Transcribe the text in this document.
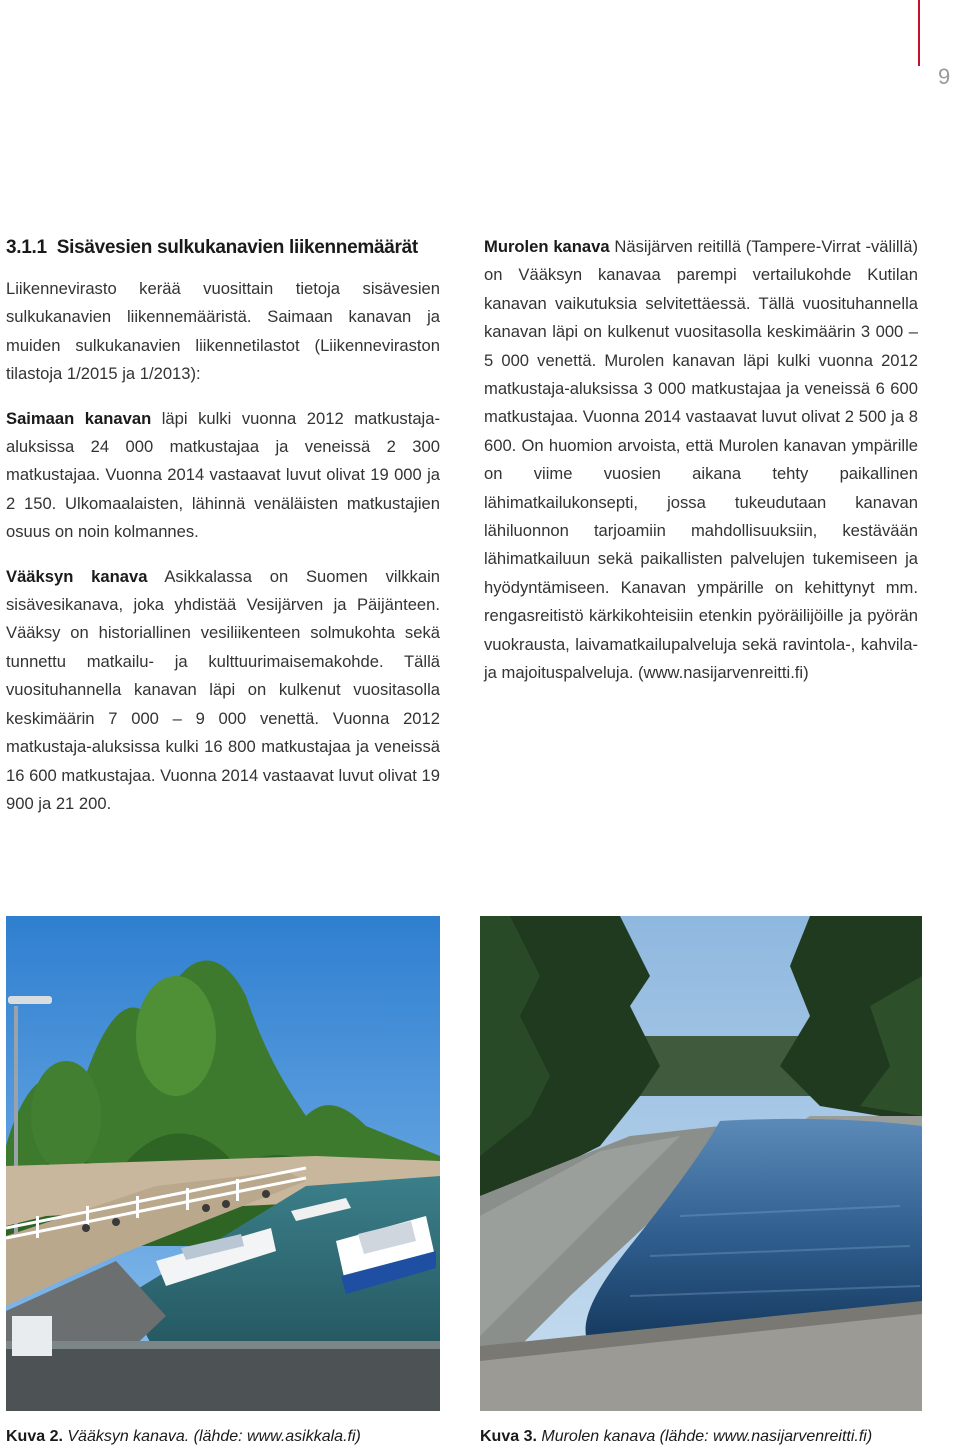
9
3.1.1 Sisävesien sulkukanavien liikennemäärät

Liikennevirasto kerää vuosittain tietoja sisävesien sulkukanavien liikennemääristä. Saimaan kanavan ja muiden sulkukanavien liikennetilastot (Liikenneviraston tilastoja 1/2015 ja 1/2013):

Saimaan kanavan läpi kulki vuonna 2012 matkustaja-aluksissa 24 000 matkustajaa ja veneissä 2 300 matkustajaa. Vuonna 2014 vastaavat luvut olivat 19 000 ja 2 150. Ulkomaalaisten, lähinnä venäläisten matkustajien osuus on noin kolmannes.

Vääksyn kanava Asikkalassa on Suomen vilkkain sisävesikanava, joka yhdistää Vesijärven ja Päijänteen. Vääksy on historiallinen vesiliikenteen solmukohta sekä tunnettu matkailu- ja kulttuurimaisemakohde. Tällä vuosituhannella kanavan läpi on kulkenut vuositasolla keskimäärin 7 000 – 9 000 venettä. Vuonna 2012 matkustaja-aluksissa kulki 16 800 matkustajaa ja veneissä 16 600 matkustajaa. Vuonna 2014 vastaavat luvut olivat 19 900 ja 21 200.

Murolen kanava Näsijärven reitillä (Tampere-Virrat -välillä) on Vääksyn kanavaa parempi vertailukohde Kutilan kanavan vaikutuksia selvitettäessä. Tällä vuosituhannella kanavan läpi on kulkenut vuositasolla keskimäärin 3 000 – 5 000 venettä. Murolen kanavan läpi kulki vuonna 2012 matkustaja-aluksissa 3 000 matkustajaa ja veneissä 6 600 matkustajaa. Vuonna 2014 vastaavat luvut olivat 2 500 ja 8 600. On huomion arvoista, että Murolen kanavan ympärille on viime vuosien aikana tehty paikallinen lähimatkailukonsepti, jossa tukeudutaan kanavan lähiluonnon tarjoamiin mahdollisuuksiin, kestävään lähimatkailuun sekä paikallisten palvelujen tukemiseen ja hyödyntämiseen. Kanavan ympärille on kehittynyt mm. rengasreitistö kärkikohteisiin etenkin pyöräilijöille ja pyörän vuokrausta, laivamatkailupalveluja sekä ravintola-, kahvila- ja majoituspalveluja. (www.nasijarvenreitti.fi)

Kuva 2. Vääksyn kanava. (lähde: www.asikkala.fi)	Kuva 3. Murolen kanava (lähde: www.nasijarvenreitti.fi)
